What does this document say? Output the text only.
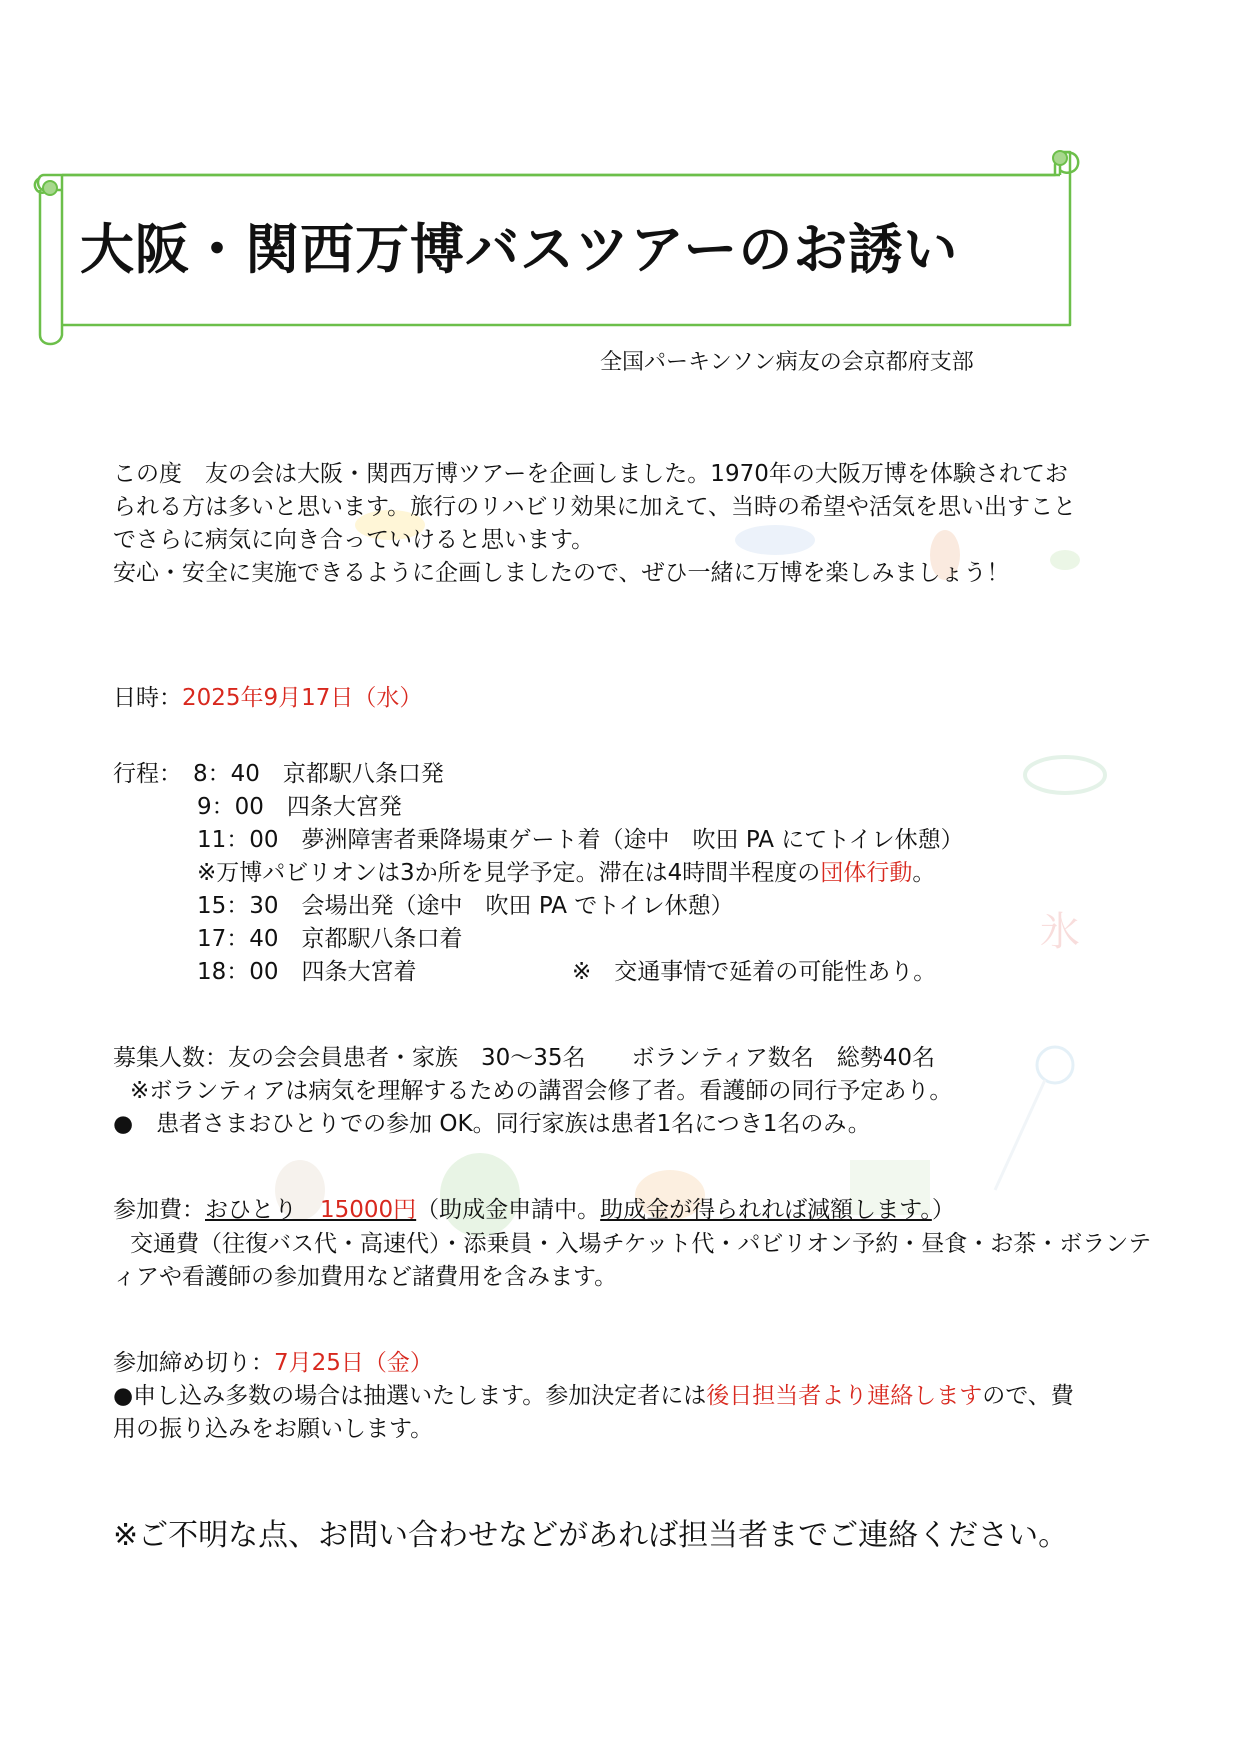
氷
大阪・関西万博バスツアーのお誘い
全国パーキンソン病友の会京都府支部
この度　友の会は大阪・関西万博ツアーを企画しました。1970年の大阪万博を体験されてお
られる方は多いと思います。旅行のリハビリ効果に加えて、当時の希望や活気を思い出すこと
でさらに病気に向き合っていけると思います。
安心・安全に実施できるように企画しましたので、ぜひ一緒に万博を楽しみましょう！
日時：2025年9月17日（水）
行程： 8：40　京都駅八条口発
9：00　四条大宮発
11：00　夢洲障害者乗降場東ゲート着（途中　吹田 PA にてトイレ休憩）
※万博パビリオンは3か所を見学予定。滞在は4時間半程度の団体行動。
15：30　会場出発（途中　吹田 PA でトイレ休憩）
17：40　京都駅八条口着
18：00　四条大宮着	※　交通事情で延着の可能性あり。
募集人数：友の会会員患者・家族　30～35名　　ボランティア数名　総勢40名
※ボランティアは病気を理解するための講習会修了者。看護師の同行予定あり。
●　患者さまおひとりでの参加 OK。同行家族は患者1名につき1名のみ。
参加費：おひとり　15000円（助成金申請中。助成金が得られれば減額します。）
交通費（往復バス代・高速代）・添乗員・入場チケット代・パビリオン予約・昼食・お茶・ボランテ
ィアや看護師の参加費用など諸費用を含みます。
参加締め切り：7月25日（金）
●申し込み多数の場合は抽選いたします。参加決定者には後日担当者より連絡しますので、費
用の振り込みをお願いします。
※ご不明な点、お問い合わせなどがあれば担当者までご連絡ください。
